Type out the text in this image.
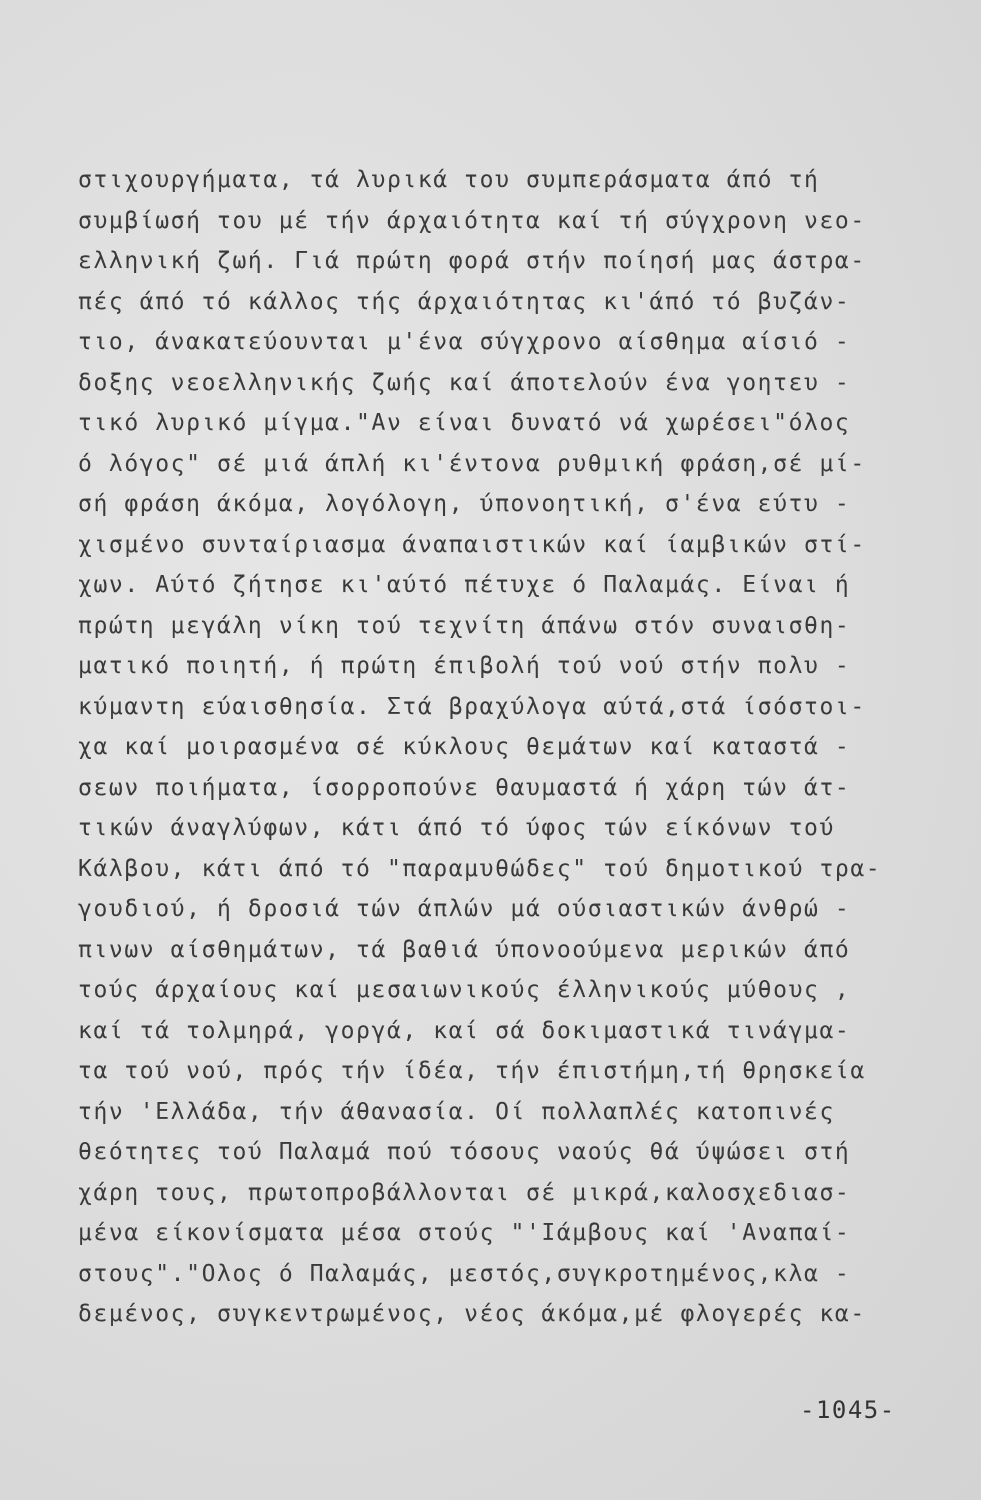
στιχουργήματα, τά λυρικά του συμπεράσματα άπό τή
συμβίωσή του μέ τήν άρχαιότητα καί τή σύγχρονη νεο-
ελληνική ζωή. Γιά πρώτη φορά στήν ποίησή μας άστρα-
πές άπό τό κάλλος τής άρχαιότητας κι'άπό τό βυζάν-
τιο, άνακατεύουνται μ'ένα σύγχρονο αίσθημα αίσιό -
δοξης νεοελληνικής ζωής καί άποτελούν ένα γοητευ -
τικό λυρικό μίγμα."Αν είναι δυνατό νά χωρέσει"όλος
ό λόγος" σέ μιά άπλή κι'έντονα ρυθμική φράση,σέ μί-
σή φράση άκόμα, λογόλογη, ύπονοητική, σ'ένα εύτυ -
χισμένο συνταίριασμα άναπαιστικών καί ίαμβικών στί-
χων. Αύτό ζήτησε κι'αύτό πέτυχε ό Παλαμάς. Είναι ή
πρώτη μεγάλη νίκη τού τεχνίτη άπάνω στόν συναισθη-
ματικό ποιητή, ή πρώτη έπιβολή τού νού στήν πολυ -
κύμαντη εύαισθησία. Στά βραχύλογα αύτά,στά ίσόστοι-
χα καί μοιρασμένα σέ κύκλους θεμάτων καί καταστά -
σεων ποιήματα, ίσορροπούνε θαυμαστά ή χάρη τών άτ-
τικών άναγλύφων, κάτι άπό τό ύφος τών είκόνων τού
Κάλβου, κάτι άπό τό "παραμυθώδες" τού δημοτικού τρα-
γουδιού, ή δροσιά τών άπλών μά ούσιαστικών άνθρώ -
πινων αίσθημάτων, τά βαθιά ύπονοούμενα μερικών άπό
τούς άρχαίους καί μεσαιωνικούς έλληνικούς μύθους ,
καί τά τολμηρά, γοργά, καί σά δοκιμαστικά τινάγμα-
τα τού νού, πρός τήν ίδέα, τήν έπιστήμη,τή θρησκεία
τήν 'Ελλάδα, τήν άθανασία. Οί πολλαπλές κατοπινές
θεότητες τού Παλαμά πού τόσους ναούς θά ύψώσει στή
χάρη τους, πρωτοπροβάλλονται σέ μικρά,καλοσχεδιασ-
μένα είκονίσματα μέσα στούς "'Ιάμβους καί 'Αναπαί-
στους"."Ολος ό Παλαμάς, μεστός,συγκροτημένος,κλα -
δεμένος, συγκεντρωμένος, νέος άκόμα,μέ φλογερές κα-
-1045-
